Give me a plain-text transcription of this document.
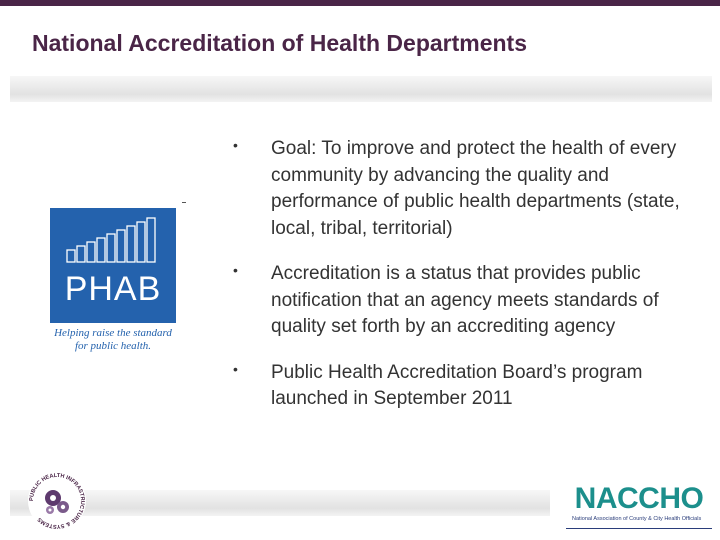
National Accreditation of Health Departments
PHAB
Helping raise the standard
for public health.
• Goal: To improve and protect the health of every community by advancing the quality and performance of public health departments (state, local, tribal, territorial)
• Accreditation is a status that provides public notification that an agency meets standards of quality set forth by an accrediting agency
• Public Health Accreditation Board’s program launched in September 2011
PUBLIC HEALTH INFRASTRUCTURE & SYSTEMS
NACCHO
National Association of County & City Health Officials
